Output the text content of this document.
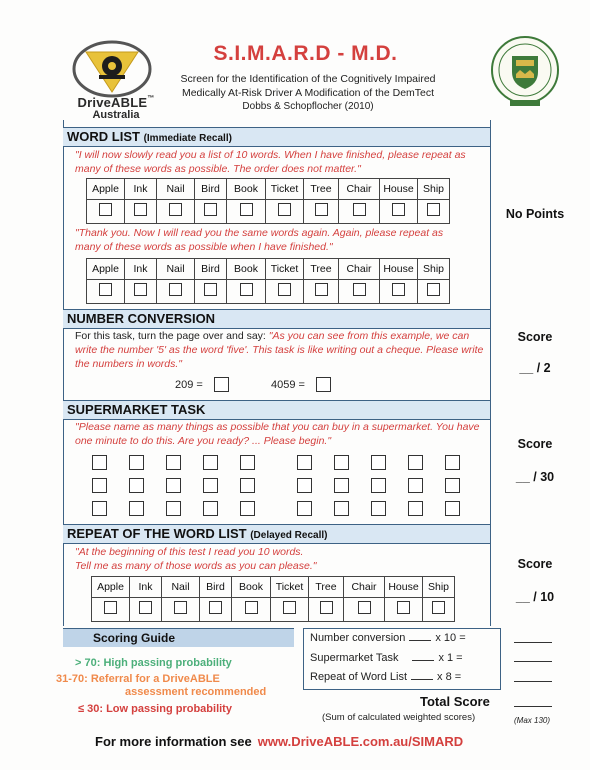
DriveABLE™
Australia
S.I.M.A.R.D - M.D.
Screen for the Identification of the Cognitively Impaired
Medically At-Risk Driver A Modification of the DemTect
Dobbs & Schopflocher (2010)
WORD LIST (Immediate Recall)
"I will now slowly read you a list of 10 words. When I have finished, please repeat as many of these words as possible. The order does not matter."
Apple	Ink	Nail	Bird	Book	Ticket	Tree	Chair	House	Ship

"Thank you. Now I will read you the same words again. Again, please repeat as many of these words as possible when I have finished."
Apple	Ink	Nail	Bird	Book	Ticket	Tree	Chair	House	Ship

No Points
NUMBER CONVERSION
For this task, turn the page over and say: "As you can see from this example, we can write the number '5' as the word 'five'. This task is like writing out a cheque. Please write the numbers in words."
209 =	4059 =
Score
__ / 2
SUPERMARKET TASK
"Please name as many things as possible that you can buy in a supermarket. You have one minute to do this. Are you ready? ... Please begin."	Score
__ / 30
REPEAT OF THE WORD LIST (Delayed Recall)
"At the beginning of this test I read you 10 words.
Tell me as many of those words as you can please."
Apple	Ink	Nail	Bird	Book	Ticket	Tree	Chair	House	Ship

Score
__ / 10
Scoring Guide
> 70: High passing probability
31-70: Referral for a DriveABLE
assessment recommended
≤ 30: Low passing probability
Number conversion	x 10 =
Supermarket Task	x 1 =
Repeat of Word List	x 8 =
Total Score
(Sum of calculated weighted scores)	(Max 130)
For more information see www.DriveABLE.com.au/SIMARD
